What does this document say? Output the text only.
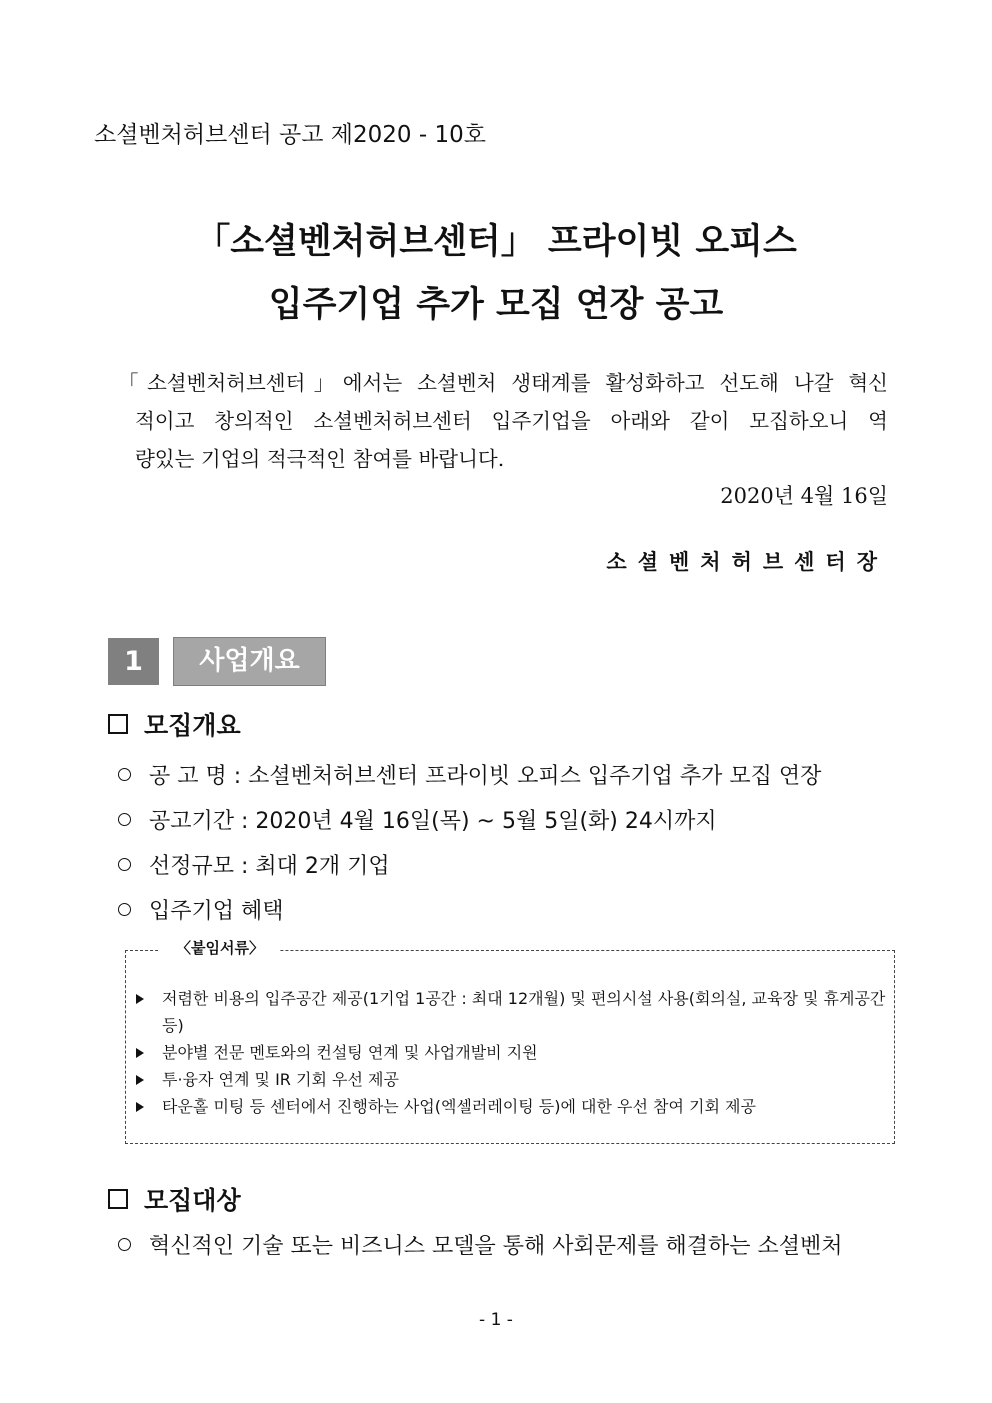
소셜벤처허브센터 공고 제2020 - 10호
「소셜벤처허브센터」 프라이빗 오피스
입주기업 추가 모집 연장 공고
「소셜벤처허브센터」에서는 소셜벤처 생태계를 활성화하고 선도해 나갈 혁신
적이고 창의적인 소셜벤처허브센터 입주기업을 아래와 같이 모집하오니 역
량있는 기업의 적극적인 참여를 바랍니다.
2020년 4월 16일
소셜벤처허브센터장
1	사업개요
모집개요
공 고 명 : 소셜벤처허브센터 프라이빗 오피스 입주기업 추가 모집 연장
공고기간 : 2020년 4월 16일(목) ~ 5월 5일(화) 24시까지
선정규모 : 최대 2개 기업
입주기업 혜택
〈붙임서류〉
저렴한 비용의 입주공간 제공(1기업 1공간 : 최대 12개월) 및 편의시설 사용(회의실, 교육장 및 휴게공간 등)
분야별 전문 멘토와의 컨설팅 연계 및 사업개발비 지원
투·융자 연계 및 IR 기회 우선 제공
타운홀 미팅 등 센터에서 진행하는 사업(엑셀러레이팅 등)에 대한 우선 참여 기회 제공
모집대상
혁신적인 기술 또는 비즈니스 모델을 통해 사회문제를 해결하는 소셜벤처
- 1 -
